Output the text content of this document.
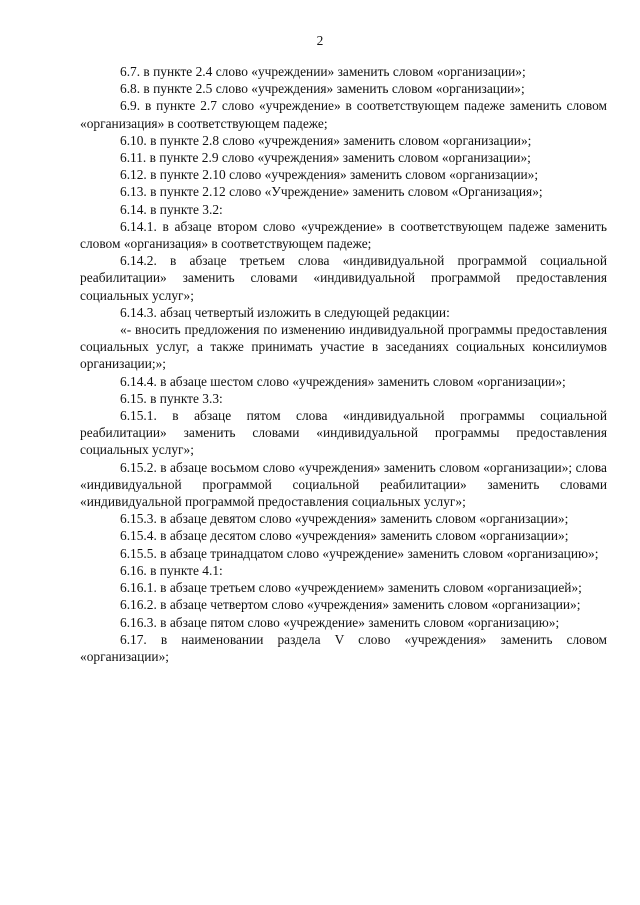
2

6.7. в пункте 2.4 слово «учреждении» заменить словом «организации»;

6.8. в пункте 2.5 слово «учреждения» заменить словом «организации»;

6.9. в пункте 2.7 слово «учреждение» в соответствующем падеже заменить словом «организация» в соответствующем падеже;

6.10. в пункте 2.8 слово «учреждения» заменить словом «организации»;

6.11. в пункте 2.9 слово «учреждения» заменить словом «организации»;

6.12. в пункте 2.10 слово «учреждения» заменить словом «организации»;

6.13. в пункте 2.12 слово «Учреждение» заменить словом «Организация»;

6.14. в пункте 3.2:

6.14.1. в абзаце втором слово «учреждение» в соответствующем падеже заменить словом «организация» в соответствующем падеже;

6.14.2. в абзаце третьем слова «индивидуальной программой социальной реабилитации» заменить словами «индивидуальной программой предоставления социальных услуг»;

6.14.3. абзац четвертый изложить в следующей редакции:

«- вносить предложения по изменению индивидуальной программы предоставления социальных услуг, а также принимать участие в заседаниях социальных консилиумов организации;»;

6.14.4. в абзаце шестом слово «учреждения» заменить словом «организации»;

6.15. в пункте 3.3:

6.15.1. в абзаце пятом слова «индивидуальной программы социальной реабилитации» заменить словами «индивидуальной программы предоставления социальных услуг»;

6.15.2. в абзаце восьмом слово «учреждения» заменить словом «организации»; слова «индивидуальной программой социальной реабилитации» заменить словами «индивидуальной программой предоставления социальных услуг»;

6.15.3. в абзаце девятом слово «учреждения» заменить словом «организации»;

6.15.4. в абзаце десятом слово «учреждения» заменить словом «организации»;

6.15.5. в абзаце тринадцатом слово «учреждение» заменить словом «организацию»;

6.16. в пункте 4.1:

6.16.1. в абзаце третьем слово «учреждением» заменить словом «организацией»;

6.16.2. в абзаце четвертом слово «учреждения» заменить словом «организации»;

6.16.3. в абзаце пятом слово «учреждение» заменить словом «организацию»;

6.17. в наименовании раздела V слово «учреждения» заменить словом «организации»;
